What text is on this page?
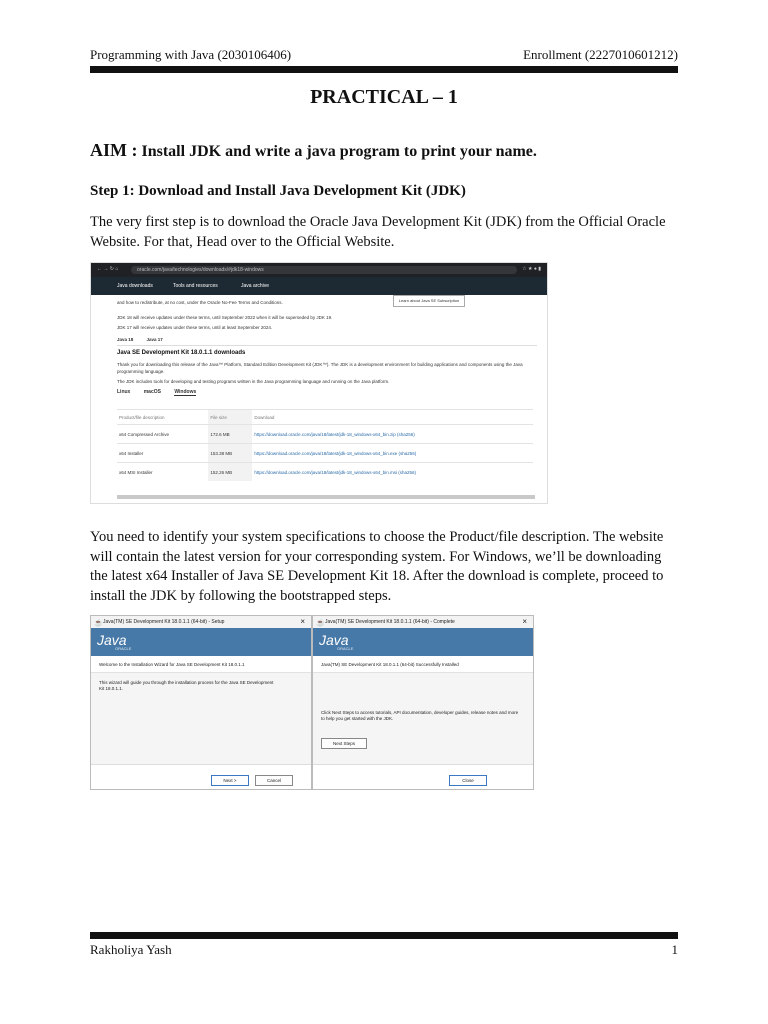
Programming with Java (2030106406)	Enrollment (2227010601212)
PRACTICAL – 1
AIM : Install JDK and write a java program to print your name.
Step 1: Download and Install Java Development Kit (JDK)
The very first step is to download the Oracle Java Development Kit (JDK) from the Official Oracle Website. For that, Head over to the Official Website.
← → ↻ ⌂	oracle.com/java/technologies/downloads/#jdk18-windows	☆ ★ ● ▮
Java downloads	Tools and resources	Java archive
Learn about Java SE Subscription
and how to redistribute, at no cost, under the Oracle No-Fee Terms and Conditions.
JDK 18 will receive updates under these terms, until September 2022 when it will be superseded by JDK 19.
JDK 17 will receive updates under these terms, until at least September 2024.
Java 18	Java 17
Java SE Development Kit 18.0.1.1 downloads
Thank you for downloading this release of the Java™ Platform, Standard Edition Development Kit (JDK™). The JDK is a development environment for building applications and components using the Java programming language.
The JDK includes tools for developing and testing programs written in the Java programming language and running on the Java platform.
Linux	macOS	Windows
Product/file description	File size	Download
x64 Compressed Archive	172.6 MB	https://download.oracle.com/java/18/latest/jdk-18_windows-x64_bin.zip (sha256)
x64 Installer	153.38 MB	https://download.oracle.com/java/18/latest/jdk-18_windows-x64_bin.exe (sha256)
x64 MSI Installer	152.26 MB	https://download.oracle.com/java/18/latest/jdk-18_windows-x64_bin.msi (sha256)
You need to identify your system specifications to choose the Product/file description. The website will contain the latest version for your corresponding system. For Windows, we’ll be downloading the latest x64 Installer of Java SE Development Kit 18. After the download is complete, proceed to install the JDK by following the bootstrapped steps.
☕ Java(TM) SE Development Kit 18.0.1.1 (64-bit) - Setup	×
Java
ORACLE
Welcome to the Installation Wizard for Java SE Development Kit 18.0.1.1
This wizard will guide you through the installation process for the Java SE Development Kit 18.0.1.1.
Next >	Cancel
☕ Java(TM) SE Development Kit 18.0.1.1 (64-bit) - Complete	×
Java
ORACLE
Java(TM) SE Development Kit 18.0.1.1 (64-bit) Successfully Installed
Click Next Steps to access tutorials, API documentation, developer guides, release notes and more to help you get started with the JDK.
Next Steps
Close
Rakholiya Yash	1
